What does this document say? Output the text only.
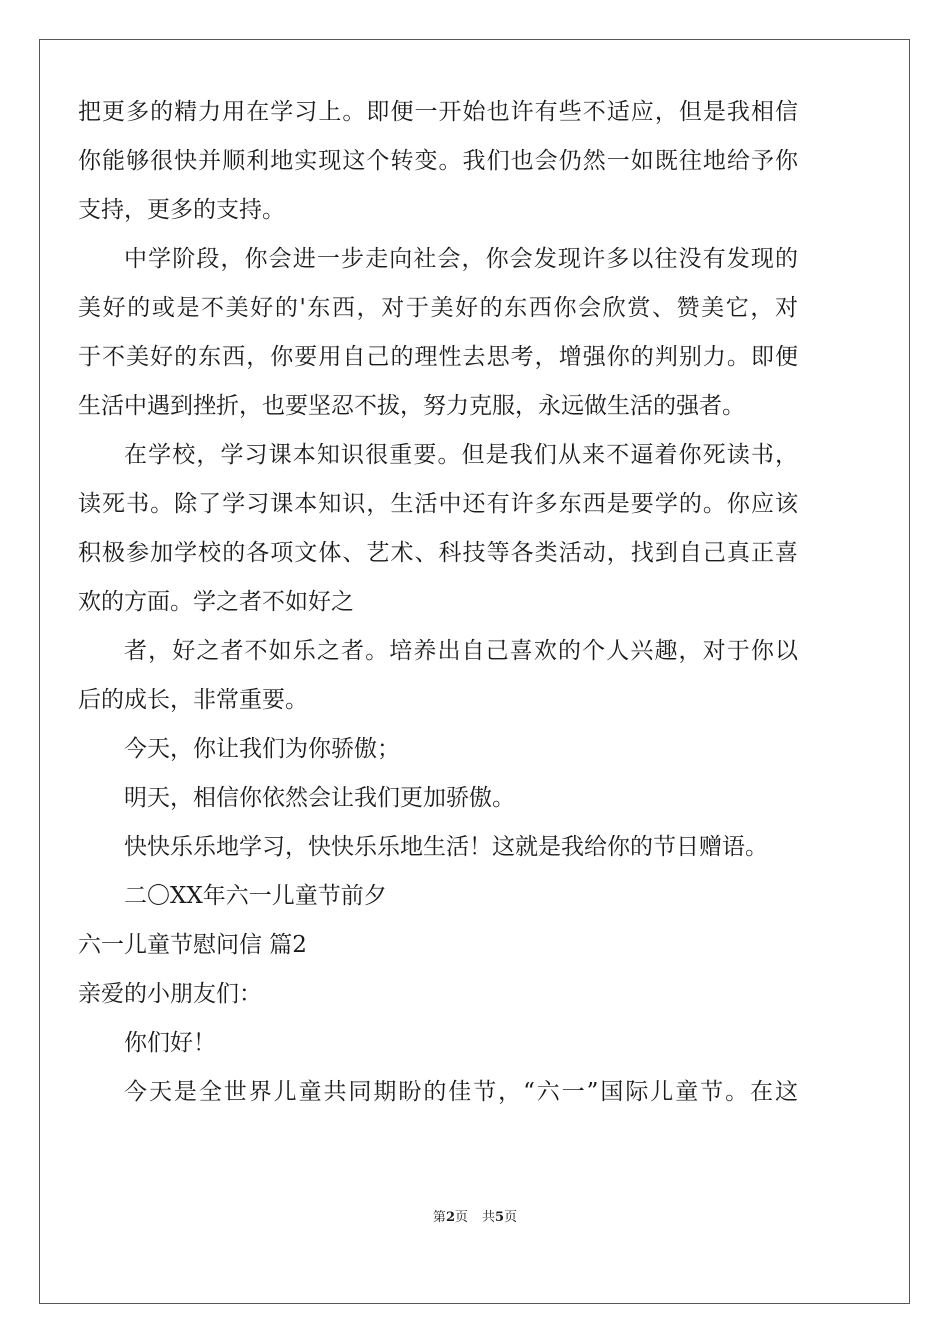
把更多的精力用在学习上。即便一开始也许有些不适应，但是我相信
你能够很快并顺利地实现这个转变。我们也会仍然一如既往地给予你
支持，更多的支持。
中学阶段，你会进一步走向社会，你会发现许多以往没有发现的
美好的或是不美好的'东西，对于美好的东西你会欣赏、赞美它，对
于不美好的东西，你要用自己的理性去思考，增强你的判别力。即便
生活中遇到挫折，也要坚忍不拔，努力克服，永远做生活的强者。
在学校，学习课本知识很重要。但是我们从来不逼着你死读书，
读死书。除了学习课本知识，生活中还有许多东西是要学的。你应该
积极参加学校的各项文体、艺术、科技等各类活动，找到自己真正喜
欢的方面。学之者不如好之
者，好之者不如乐之者。培养出自己喜欢的个人兴趣，对于你以
后的成长，非常重要。
今天，你让我们为你骄傲；
明天，相信你依然会让我们更加骄傲。
快快乐乐地学习，快快乐乐地生活！这就是我给你的节日赠语。
二〇XX年六一儿童节前夕
六一儿童节慰问信 篇2
亲爱的小朋友们：
你们好！
今天是全世界儿童共同期盼的佳节，“六一”国际儿童节。在这
第2页 共5页
